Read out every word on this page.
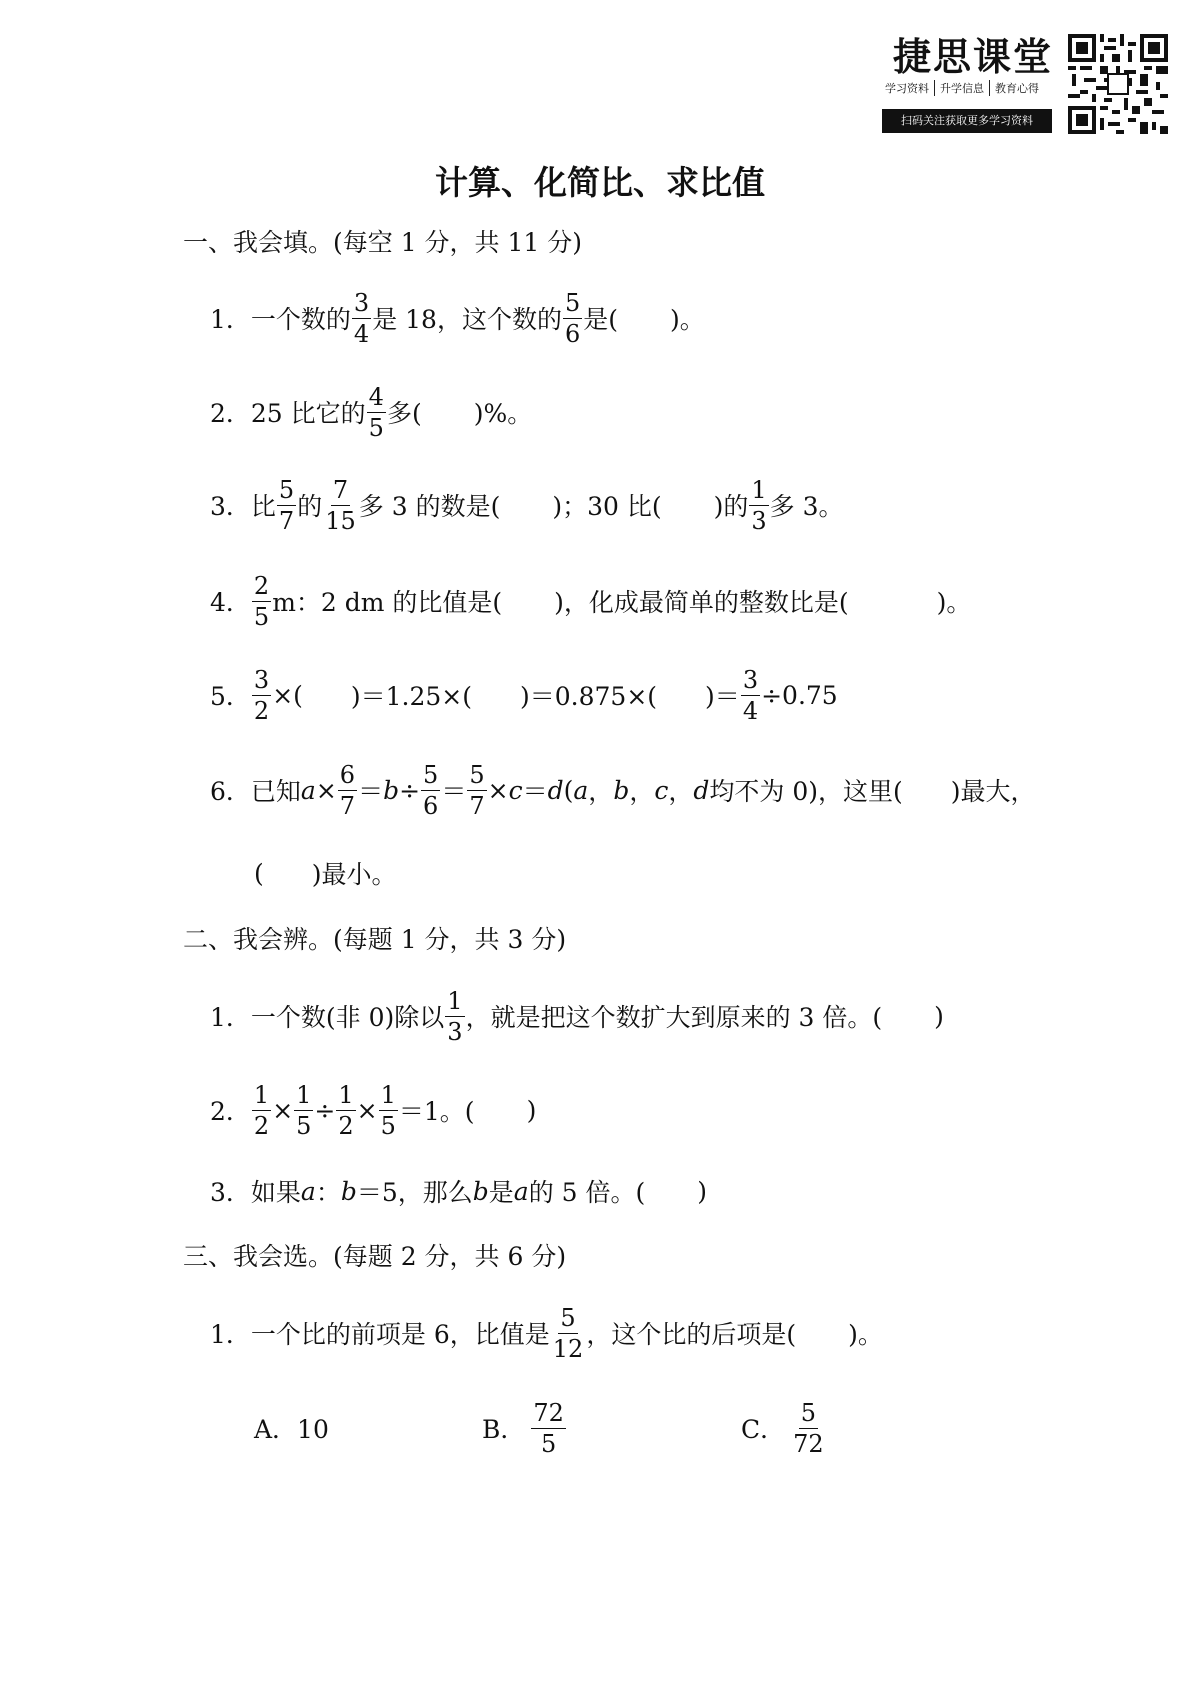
捷思课堂
学习资料	升学信息	教育心得
扫码关注获取更多学习资料
计算、化简比、求比值
一、我会填。(每空 1 分，共 11 分)
1． 一个数的 $\frac{3}{4}$ 是 18，这个数的 $\frac{5}{6}$ 是( )。
2． 25 比它的 $\frac{4}{5}$ 多( )%。
3． 比 $\frac{5}{7}$ 的 $\frac{7}{15}$ 多 3 的数是( )；30 比( )的 $\frac{1}{3}$ 多 3。
4． $\frac{2}{5}$ m：2 dm 的比值是( )，化成最简单的整数比是(	)。
5． $\frac{3}{2}$ ×( )＝1.25×( )＝0.875×( )＝ $\frac{3}{4} \div 0.75$
6． 已知 $a \times \frac{6}{7} = b \div \frac{5}{6} = \frac{5}{7} \times c = d$ ( a ， b ， c ， d 均不为 0)，这里( )最大，
( )最小。
二、我会辨。(每题 1 分，共 3 分)
1． 一个数(非 0)除以 $\frac{1}{3}$ ，就是把这个数扩大到原来的 3 倍。( )
2． $\frac{1}{2} \times \frac{1}{5} \div \frac{1}{2} \times \frac{1}{5} =1$。( )
3． 如果 a ： b ＝5，那么 b 是 a 的 5 倍。( )
三、我会选。(每题 2 分，共 6 分)
1． 一个比的前项是 6，比值是 $\frac{5}{12}$ ，这个比的后项是( )。
A．10	B． $\frac{72}{5}$	C． $\frac{5}{72}$
